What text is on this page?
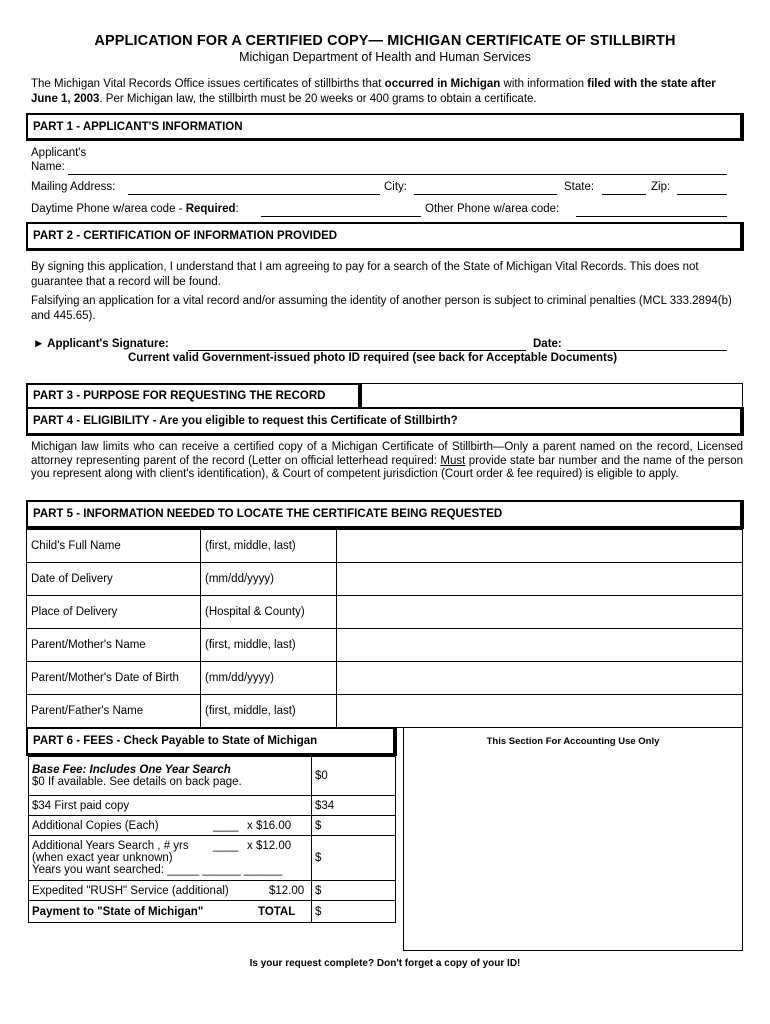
APPLICATION FOR A CERTIFIED COPY— MICHIGAN CERTIFICATE OF STILLBIRTH
Michigan Department of Health and Human Services
The Michigan Vital Records Office issues certificates of stillbirths that occurred in Michigan with information filed with the state after June 1, 2003. Per Michigan law, the stillbirth must be 20 weeks or 400 grams to obtain a certificate.
PART 1 - APPLICANT'S INFORMATION
Applicant's
Name:
Mailing Address:	City:	State:	Zip:
Daytime Phone w/area code - Required:	Other Phone w/area code:
PART 2 - CERTIFICATION OF INFORMATION PROVIDED
By signing this application, I understand that I am agreeing to pay for a search of the State of Michigan Vital Records. This does not guarantee that a record will be found.
Falsifying an application for a vital record and/or assuming the identity of another person is subject to criminal penalties (MCL 333.2894(b) and 445.65).
► Applicant's Signature:	Date:
Current valid Government-issued photo ID required (see back for Acceptable Documents)
PART 3 - PURPOSE FOR REQUESTING THE RECORD
PART 4 - ELIGIBILITY - Are you eligible to request this Certificate of Stillbirth?
Michigan law limits who can receive a certified copy of a Michigan Certificate of Stillbirth—Only a parent named on the record, Licensed attorney representing parent of the record (Letter on official letterhead required: Must provide state bar number and the name of the person you represent along with client's identification), & Court of competent jurisdiction (Court order & fee required) is eligible to apply.
PART 5 - INFORMATION NEEDED TO LOCATE THE CERTIFICATE BEING REQUESTED
Child's Full Name	(first, middle, last)	
Date of Delivery	(mm/dd/yyyy)	
Place of Delivery	(Hospital & County)	
Parent/Mother's Name	(first, middle, last)	
Parent/Mother's Date of Birth	(mm/dd/yyyy)	
Parent/Father's Name	(first, middle, last)	
PART 6 - FEES - Check Payable to State of Michigan
Base Fee: Includes One Year Search
$0 If available. See details on back page.	$0
$34 First paid copy	$34
Additional Copies (Each) ____ x $16.00	$

Additional Years Search , # yrs ____ x $12.00
(when exact year unknown)
Years you want searched: _____ ______ ______	$
Expedited "RUSH" Service (additional) $12.00	$
Payment to "State of Michigan" TOTAL	$
This Section For Accounting Use Only
Is your request complete? Don't forget a copy of your ID!
